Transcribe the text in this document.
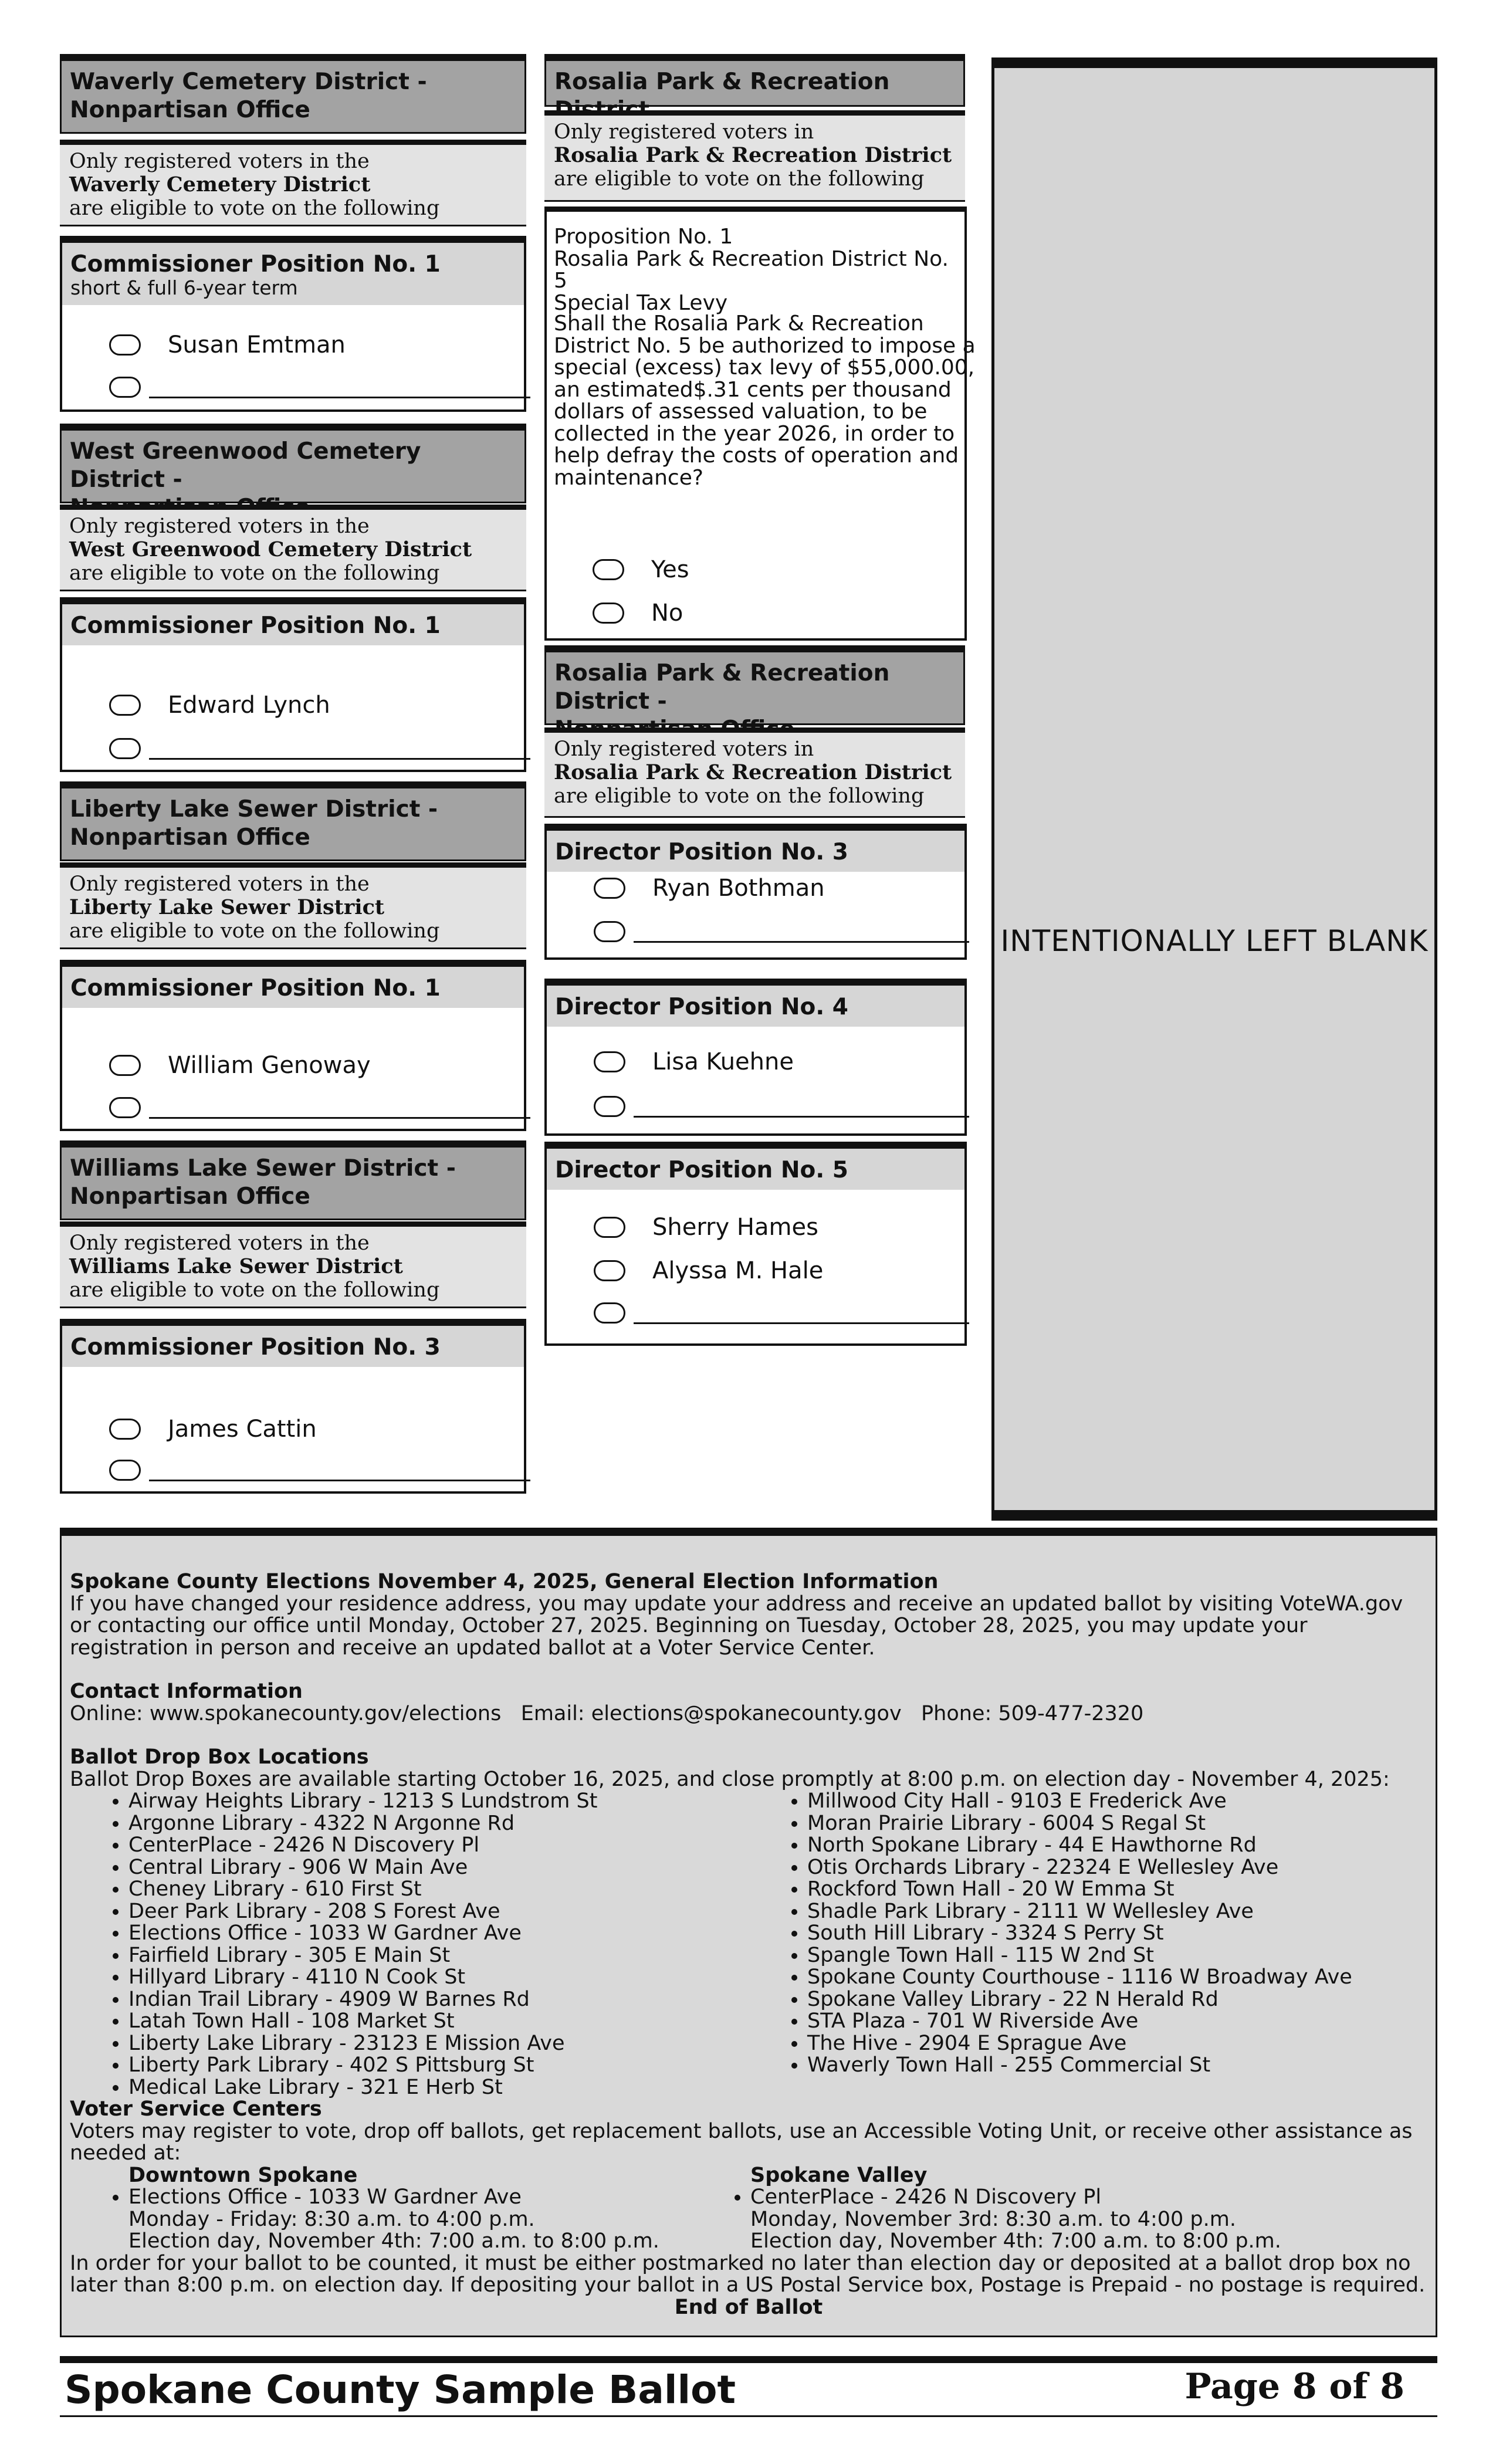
Waverly Cemetery District -
Nonpartisan Office
Only registered voters in the
Waverly Cemetery District
are eligible to vote on the following
Commissioner Position No. 1
short & full 6-year term
Susan Emtman
West Greenwood Cemetery District -
Only registered voters in the
West Greenwood Cemetery District
are eligible to vote on the following
Commissioner Position No. 1
Edward Lynch
Liberty Lake Sewer District -
Nonpartisan Office
Only registered voters in the
Liberty Lake Sewer District
are eligible to vote on the following
Commissioner Position No. 1
William Genoway
Williams Lake Sewer District -
Nonpartisan Office
Only registered voters in the
Williams Lake Sewer District
are eligible to vote on the following
Commissioner Position No. 3
James Cattin
Rosalia Park & Recreation
Only registered voters in
Rosalia Park & Recreation District
are eligible to vote on the following
Proposition No. 1
Rosalia Park & Recreation District No. 5
Special Tax Levy
Shall the Rosalia Park & Recreation
District No. 5 be authorized to impose a
special (excess) tax levy of $55,000.00,
an estimated$.31 cents per thousand
dollars of assessed valuation, to be
collected in the year 2026, in order to
help defray the costs of operation and
maintenance?
Yes
No
Rosalia Park & Recreation District -
Only registered voters in
Rosalia Park & Recreation District
are eligible to vote on the following
Director Position No. 3
Ryan Bothman
Director Position No. 4
Lisa Kuehne
Director Position No. 5
Sherry Hames
Alyssa M. Hale
INTENTIONALLY LEFT BLANK

Spokane County Elections November 4, 2025, General Election Information

If you have changed your residence address, you may update your address and receive an updated ballot by visiting VoteWA.gov or contacting our office until Monday, October 27, 2025. Beginning on Tuesday, October 28, 2025, you may update your registration in person and receive an updated ballot at a Voter Service Center.

Contact Information

Online: www.spokanecounty.gov/elections   Email: elections@spokanecounty.gov   Phone: 509-477-2320

Ballot Drop Box Locations

Ballot Drop Boxes are available starting October 16, 2025, and close promptly at 8:00 p.m. on election day - November 4, 2025:

• Airway Heights Library - 1213 S Lundstrom St
• Argonne Library - 4322 N Argonne Rd
• CenterPlace - 2426 N Discovery Pl
• Central Library - 906 W Main Ave
• Cheney Library - 610 First St
• Deer Park Library - 208 S Forest Ave
• Elections Office - 1033 W Gardner Ave
• Fairfield Library - 305 E Main St
• Hillyard Library - 4110 N Cook St
• Indian Trail Library - 4909 W Barnes Rd
• Latah Town Hall - 108 Market St
• Liberty Lake Library - 23123 E Mission Ave
• Liberty Park Library - 402 S Pittsburg St
• Medical Lake Library - 321 E Herb St
• Millwood City Hall - 9103 E Frederick Ave
• Moran Prairie Library - 6004 S Regal St
• North Spokane Library - 44 E Hawthorne Rd
• Otis Orchards Library - 22324 E Wellesley Ave
• Rockford Town Hall - 20 W Emma St
• Shadle Park Library - 2111 W Wellesley Ave
• South Hill Library - 3324 S Perry St
• Spangle Town Hall - 115 W 2nd St
• Spokane County Courthouse - 1116 W Broadway Ave
• Spokane Valley Library - 22 N Herald Rd
• STA Plaza - 701 W Riverside Ave
• The Hive - 2904 E Sprague Ave
• Waverly Town Hall - 255 Commercial St

Voter Service Centers

Voters may register to vote, drop off ballots, get replacement ballots, use an Accessible Voting Unit, or receive other assistance as needed at:

Downtown Spokane
• Elections Office - 1033 W Gardner Ave
Monday - Friday: 8:30 a.m. to 4:00 p.m.
Election day, November 4th: 7:00 a.m. to 8:00 p.m.
Spokane Valley
• CenterPlace - 2426 N Discovery Pl
Monday, November 3rd: 8:30 a.m. to 4:00 p.m.
Election day, November 4th: 7:00 a.m. to 8:00 p.m.

In order for your ballot to be counted, it must be either postmarked no later than election day or deposited at a ballot drop box no later than 8:00 p.m. on election day. If depositing your ballot in a US Postal Service box, Postage is Prepaid - no postage is required.

End of Ballot

Spokane County Sample Ballot	Page 8 of 8
